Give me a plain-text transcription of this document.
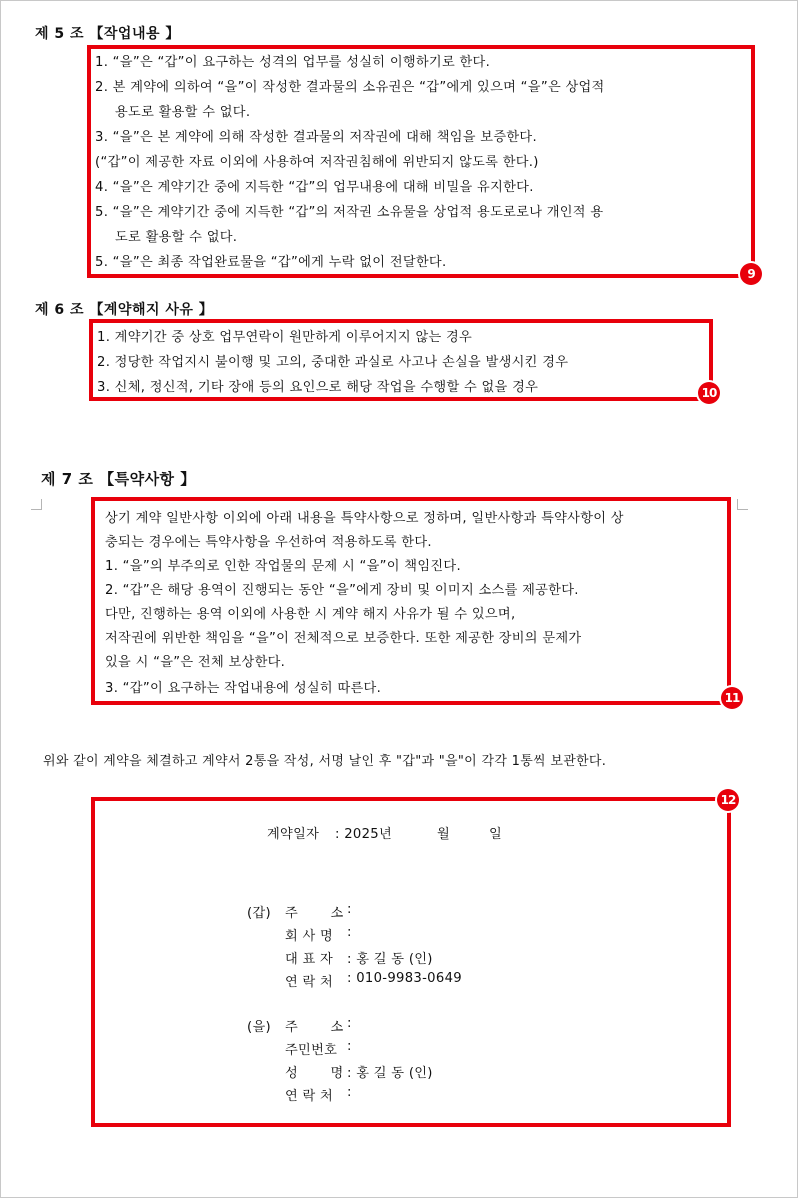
제 5 조 【작업내용 】
1. “을”은 “갑”이 요구하는 성격의 업무를 성실히 이행하기로 한다.
2. 본 계약에 의하여 “을”이 작성한 결과물의 소유권은 “갑”에게 있으며 “을”은 상업적
용도로 활용할 수 없다.
3. “을”은 본 계약에 의해 작성한 결과물의 저작권에 대해 책임을 보증한다.
(“갑”이 제공한 자료 이외에 사용하여 저작권침해에 위반되지 않도록 한다.)
4. “을”은 계약기간 중에 지득한 “갑”의 업무내용에 대해 비밀을 유지한다.
5. “을”은 계약기간 중에 지득한 “갑”의 저작권 소유물을 상업적 용도로로나 개인적 용
도로 활용할 수 없다.
5. “을”은 최종 작업완료물을 “갑”에게 누락 없이 전달한다.
9
제 6 조 【계약해지 사유 】
1. 계약기간 중 상호 업무연락이 원만하게 이루어지지 않는 경우
2. 정당한 작업지시 불이행 및 고의, 중대한 과실로 사고나 손실을 발생시킨 경우
3. 신체, 정신적, 기타 장애 등의 요인으로 해당 작업을 수행할 수 없을 경우	10
제 7 조 【특약사항 】
상기 계약 일반사항 이외에 아래 내용을 특약사항으로 정하며, 일반사항과 특약사항이 상
충되는 경우에는 특약사항을 우선하여 적용하도록 한다.
1. “을”의 부주의로 인한 작업물의 문제 시 “을”이 책임진다.
2. “갑”은 해당 용역이 진행되는 동안 “을”에게 장비 및 이미지 소스를 제공한다.
다만, 진행하는 용역 이외에 사용한 시 계약 해지 사유가 될 수 있으며,
저작권에 위반한 책임을 “을”이 전체적으로 보증한다. 또한 제공한 장비의 문제가
있을 시 “을”은 전체 보상한다.
3. “갑”이 요구하는 작업내용에 성실히 따른다.
11
위와 같이 계약을 체결하고 계약서 2통을 작성, 서명 날인 후 "갑"과 "을"이 각각 1통씩 보관한다.
12
계약일자 : 2025년	월	일
(갑) 주 소 :
회 사 명 :
대 표 자 : 홍 길 동 (인)
연 락 처 : 010-9983-0649
(을) 주 소 :
주민번호 :
성 명 : 홍 길 동 (인)
연 락 처 :
